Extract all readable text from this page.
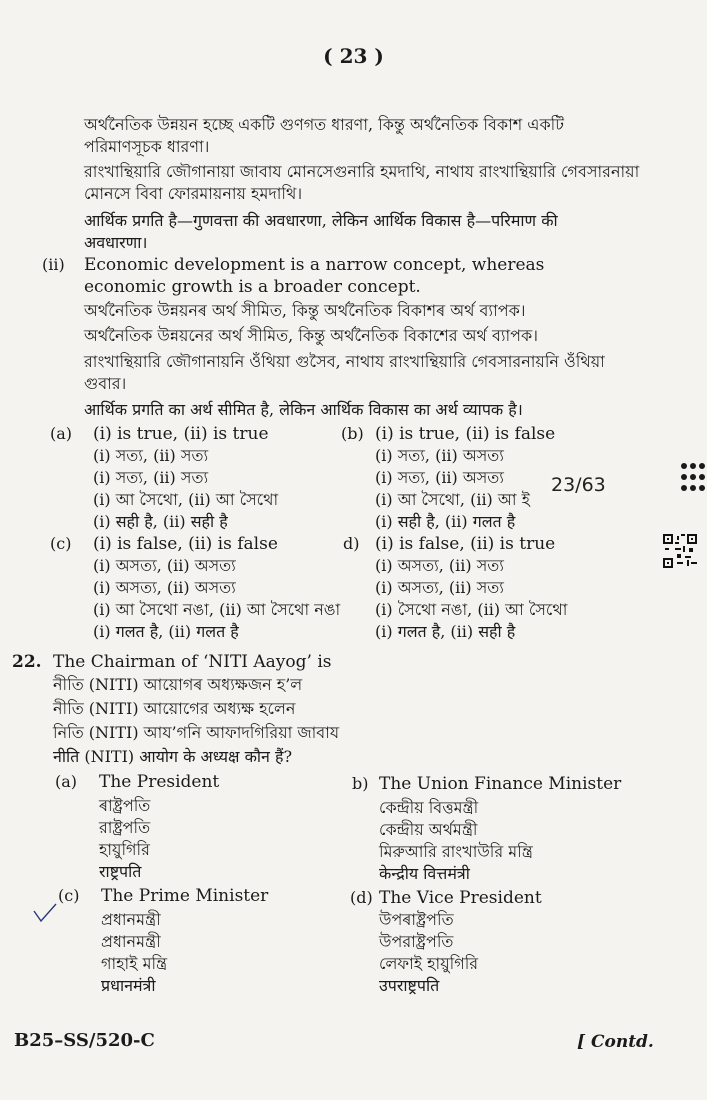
( 23 )
অর্থনৈতিক উন্নয়ন হচ্ছে একটি গুণগত ধারণা, কিন্তু অর্থনৈতিক বিকাশ একটি
পরিমাণসূচক ধারণা।
রাংখান্থিয়ারি জৌগানায়া জাবায মোনসেগুনারি হমদাথি, নাথায রাংখান্থিয়ারি গেবসারনায়া
মোনসে বিবা ফোরমায়নায় হমদাথি।
आर्थिक प्रगति है—गुणवत्ता की अवधारणा, लेकिन आर्थिक विकास है—परिमाण की
अवधारणा।
(ii) Economic development is a narrow concept, whereas
economic growth is a broader concept.
অর্থনৈতিক উন্নয়নৰ অৰ্থ সীমিত, কিন্তু অৰ্থনৈতিক বিকাশৰ অৰ্থ ব্যাপক।
অর্থনৈতিক উন্নয়নের অর্থ সীমিত, কিন্তু অর্থনৈতিক বিকাশের অর্থ ব্যাপক।
রাংখান্থিয়ারি জৌগানায়নি ওঁথিয়া গুসৈব, নাথায রাংখান্থিয়ারি গেবসারনায়নি ওঁথিয়া
গুবার।
आर्थिक प्रगति का अर्थ सीमित है, लेकिन आर्थिक विकास का अर्थ व्यापक है।
(a) (i) is true, (ii) is true
(i) সত্য, (ii) সত্য
(i) সত্য, (ii) সত্য
(i) আ সৈথো, (ii) আ সৈথো
(i) सही है, (ii) सही है
(b) (i) is true, (ii) is false
(i) সত্য, (ii) অসত্য
(i) সত্য, (ii) অসত্য
(i) আ সৈথো, (ii) আ ই
(i) सही है, (ii) गलत है
(c) (i) is false, (ii) is false
(i) অসত্য, (ii) অসত্য
(i) অসত্য, (ii) অসত্য
(i) আ সৈথো নঙা, (ii) আ সৈথো নঙা
(i) गलत है, (ii) गलत है
d) (i) is false, (ii) is true
(i) অসত্য, (ii) সত্য
(i) অসত্য, (ii) সত্য
(i) সৈথো নঙা, (ii) আ সৈথো
(i) गलत है, (ii) सही है
22. The Chairman of ‘NITI Aayog’ is
নীতি (NITI) আয়োগৰ অধ্যক্ষজন হ’ল
নীতি (NITI) আয়োগের অধ্যক্ষ হলেন
নিতি (NITI) আয’গনি আফাদগিরিয়া জাবায
नीति (NITI) आयोग के अध्यक्ष कौन हैं?
(a) The President
ৰাষ্ট্ৰপতি
রাষ্ট্রপতি
হায়ুগিরি
राष्ट्रपति
b) The Union Finance Minister
কেন্দ্ৰীয় বিত্তমন্ত্ৰী
কেন্দ্রীয় অর্থমন্ত্রী
মিরুআরি রাংখাউরি মন্ত্রি
केन्द्रीय वित्तमंत्री
(c) The Prime Minister
প্ৰধানমন্ত্ৰী
প্রধানমন্ত্রী
গাহাই মন্ত্রি
प्रधानमंत्री
(d) The Vice President
উপৰাষ্ট্ৰপতি
উপরাষ্ট্রপতি
লেফাই হায়ুগিরি
उपराष्ट्रपति
23/63
B25–SS/520-C	[ Contd.
